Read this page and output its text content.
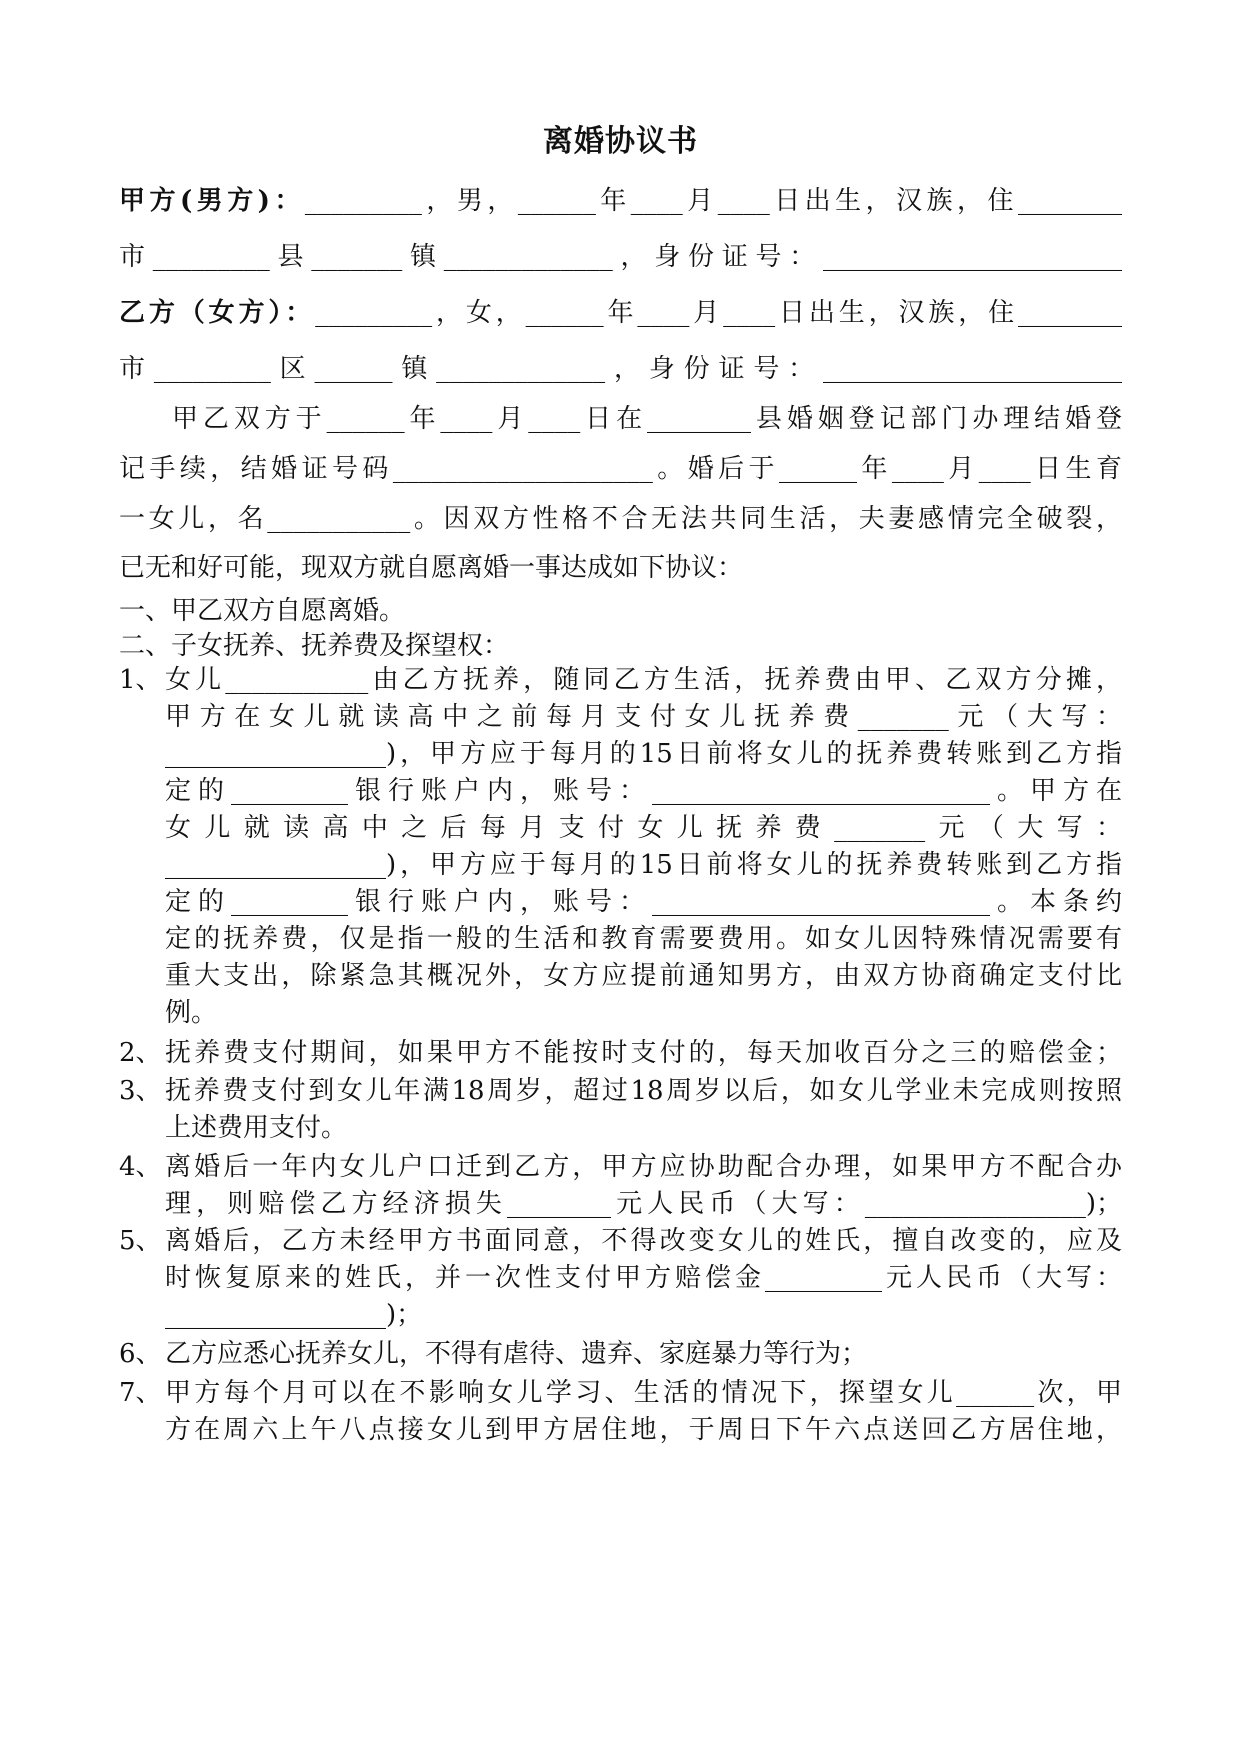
离婚协议书
甲方(男方)：_________，男，______年____月____日出生，汉族，住________
市_________县_______镇_____________，身份证号：_______________________
乙方（女方）：_________，女，______年____月____日出生，汉族，住________
市_________区______镇_____________，身份证号：_______________________
甲乙双方于______年____月____日在________县婚姻登记部门办理结婚登
记手续，结婚证号码____________________。婚后于______年____月____日生育
一女儿，名___________。因双方性格不合无法共同生活，夫妻感情完全破裂，
已无和好可能，现双方就自愿离婚一事达成如下协议：
一、甲乙双方自愿离婚。
二、子女抚养、抚养费及探望权：
1、 女儿___________由乙方抚养，随同乙方生活，抚养费由甲、乙双方分摊，
甲方在女儿就读高中之前每月支付女儿抚养费_______元（大写：
_________________)，甲方应于每月的15日前将女儿的抚养费转账到乙方指
定的_________银行账户内，账号：__________________________。甲方在
女儿就读高中之后每月支付女儿抚养费_______元（大写：
_________________)，甲方应于每月的15日前将女儿的抚养费转账到乙方指
定的_________银行账户内，账号：__________________________。本条约
定的抚养费，仅是指一般的生活和教育需要费用。如女儿因特殊情况需要有
重大支出，除紧急其概况外，女方应提前通知男方，由双方协商确定支付比
例。
2、 抚养费支付期间，如果甲方不能按时支付的，每天加收百分之三的赔偿金；
3、 抚养费支付到女儿年满18周岁，超过18周岁以后，如女儿学业未完成则按照
上述费用支付。
4、 离婚后一年内女儿户口迁到乙方，甲方应协助配合办理，如果甲方不配合办
理，则赔偿乙方经济损失________元人民币（大写：_________________)；
5、 离婚后，乙方未经甲方书面同意，不得改变女儿的姓氏，擅自改变的，应及
时恢复原来的姓氏，并一次性支付甲方赔偿金_________元人民币（大写：
_________________)；
6、 乙方应悉心抚养女儿，不得有虐待、遗弃、家庭暴力等行为；
7、 甲方每个月可以在不影响女儿学习、生活的情况下，探望女儿______次，甲
方在周六上午八点接女儿到甲方居住地，于周日下午六点送回乙方居住地，
